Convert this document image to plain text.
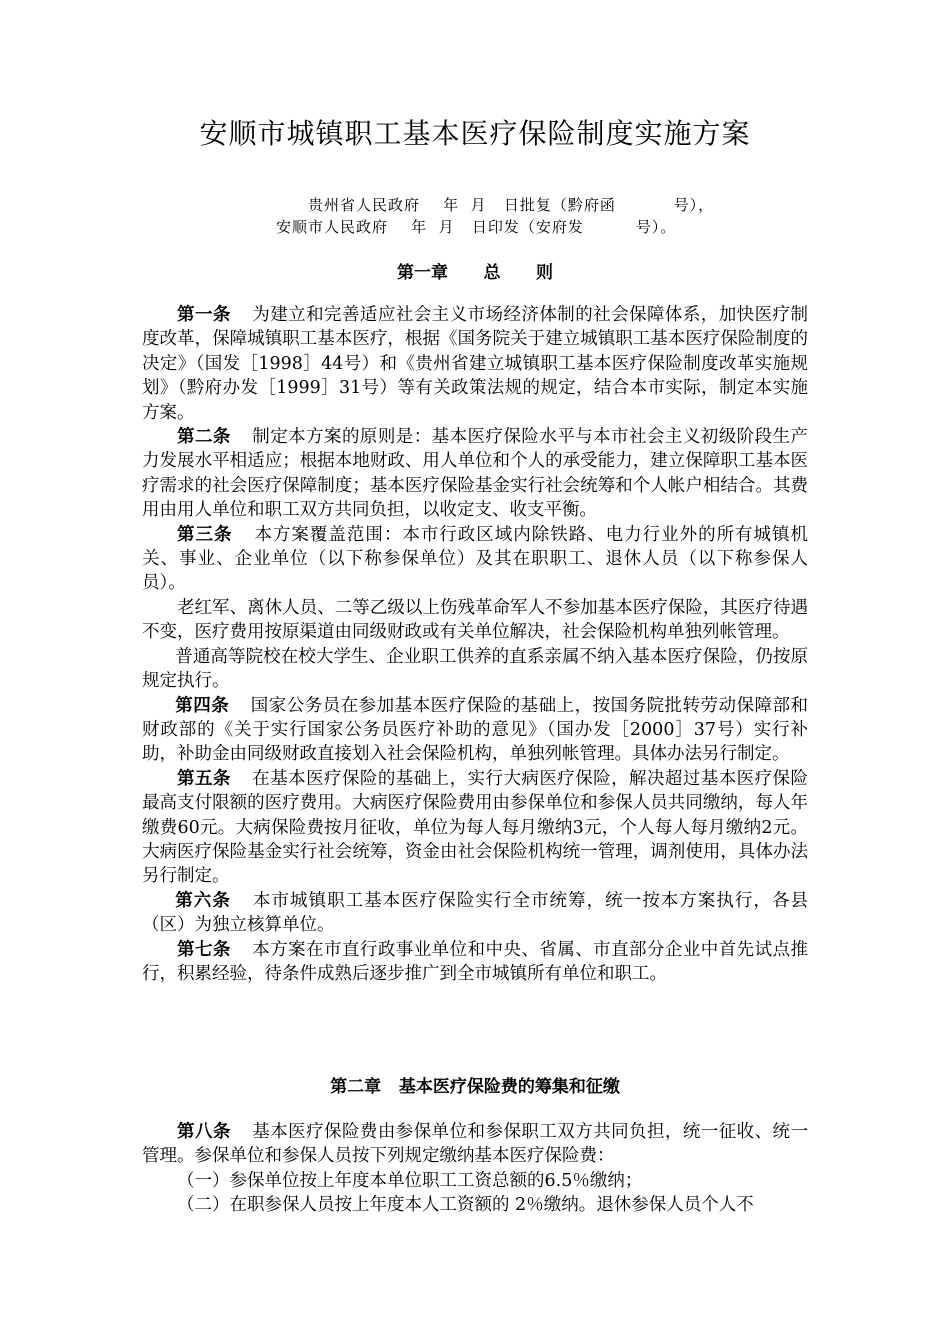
安顺市城镇职工基本医疗保险制度实施方案
贵州省人民政府    年  月   日批复（黔府函          号），
安顺市人民政府    年  月   日印发（安府发         号）。
第一章      总      则

第一条 为建立和完善适应社会主义市场经济体制的社会保障体系，加快医疗制度改革，保障城镇职工基本医疗，根据《国务院关于建立城镇职工基本医疗保险制度的决定》（国发［1998］44号）和《贵州省建立城镇职工基本医疗保险制度改革实施规划》（黔府办发［1999］31号）等有关政策法规的规定，结合本市实际，制定本实施方案。

第二条 制定本方案的原则是：基本医疗保险水平与本市社会主义初级阶段生产力发展水平相适应；根据本地财政、用人单位和个人的承受能力，建立保障职工基本医疗需求的社会医疗保障制度；基本医疗保险基金实行社会统筹和个人帐户相结合。其费用由用人单位和职工双方共同负担，以收定支、收支平衡。

第三条 本方案覆盖范围：本市行政区域内除铁路、电力行业外的所有城镇机关、事业、企业单位（以下称参保单位）及其在职职工、退休人员（以下称参保人员）。

老红军、离休人员、二等乙级以上伤残革命军人不参加基本医疗保险，其医疗待遇不变，医疗费用按原渠道由同级财政或有关单位解决，社会保险机构单独列帐管理。

普通高等院校在校大学生、企业职工供养的直系亲属不纳入基本医疗保险，仍按原规定执行。

第四条 国家公务员在参加基本医疗保险的基础上，按国务院批转劳动保障部和财政部的《关于实行国家公务员医疗补助的意见》（国办发［2000］37号）实行补助，补助金由同级财政直接划入社会保险机构，单独列帐管理。具体办法另行制定。

第五条 在基本医疗保险的基础上，实行大病医疗保险，解决超过基本医疗保险最高支付限额的医疗费用。大病医疗保险费用由参保单位和参保人员共同缴纳，每人年缴费60元。大病保险费按月征收，单位为每人每月缴纳3元，个人每人每月缴纳2元。大病医疗保险基金实行社会统筹，资金由社会保险机构统一管理，调剂使用，具体办法另行制定。

第六条 本市城镇职工基本医疗保险实行全市统筹，统一按本方案执行，各县（区）为独立核算单位。

第七条 本方案在市直行政事业单位和中央、省属、市直部分企业中首先试点推行，积累经验，待条件成熟后逐步推广到全市城镇所有单位和职工。

第二章   基本医疗保险费的筹集和征缴

第八条 基本医疗保险费由参保单位和参保职工双方共同负担，统一征收、统一管理。参保单位和参保人员按下列规定缴纳基本医疗保险费：

（一）参保单位按上年度本单位职工工资总额的6.5％缴纳；

（二）在职参保人员按上年度本人工资额的 2％缴纳。退休参保人员个人不
